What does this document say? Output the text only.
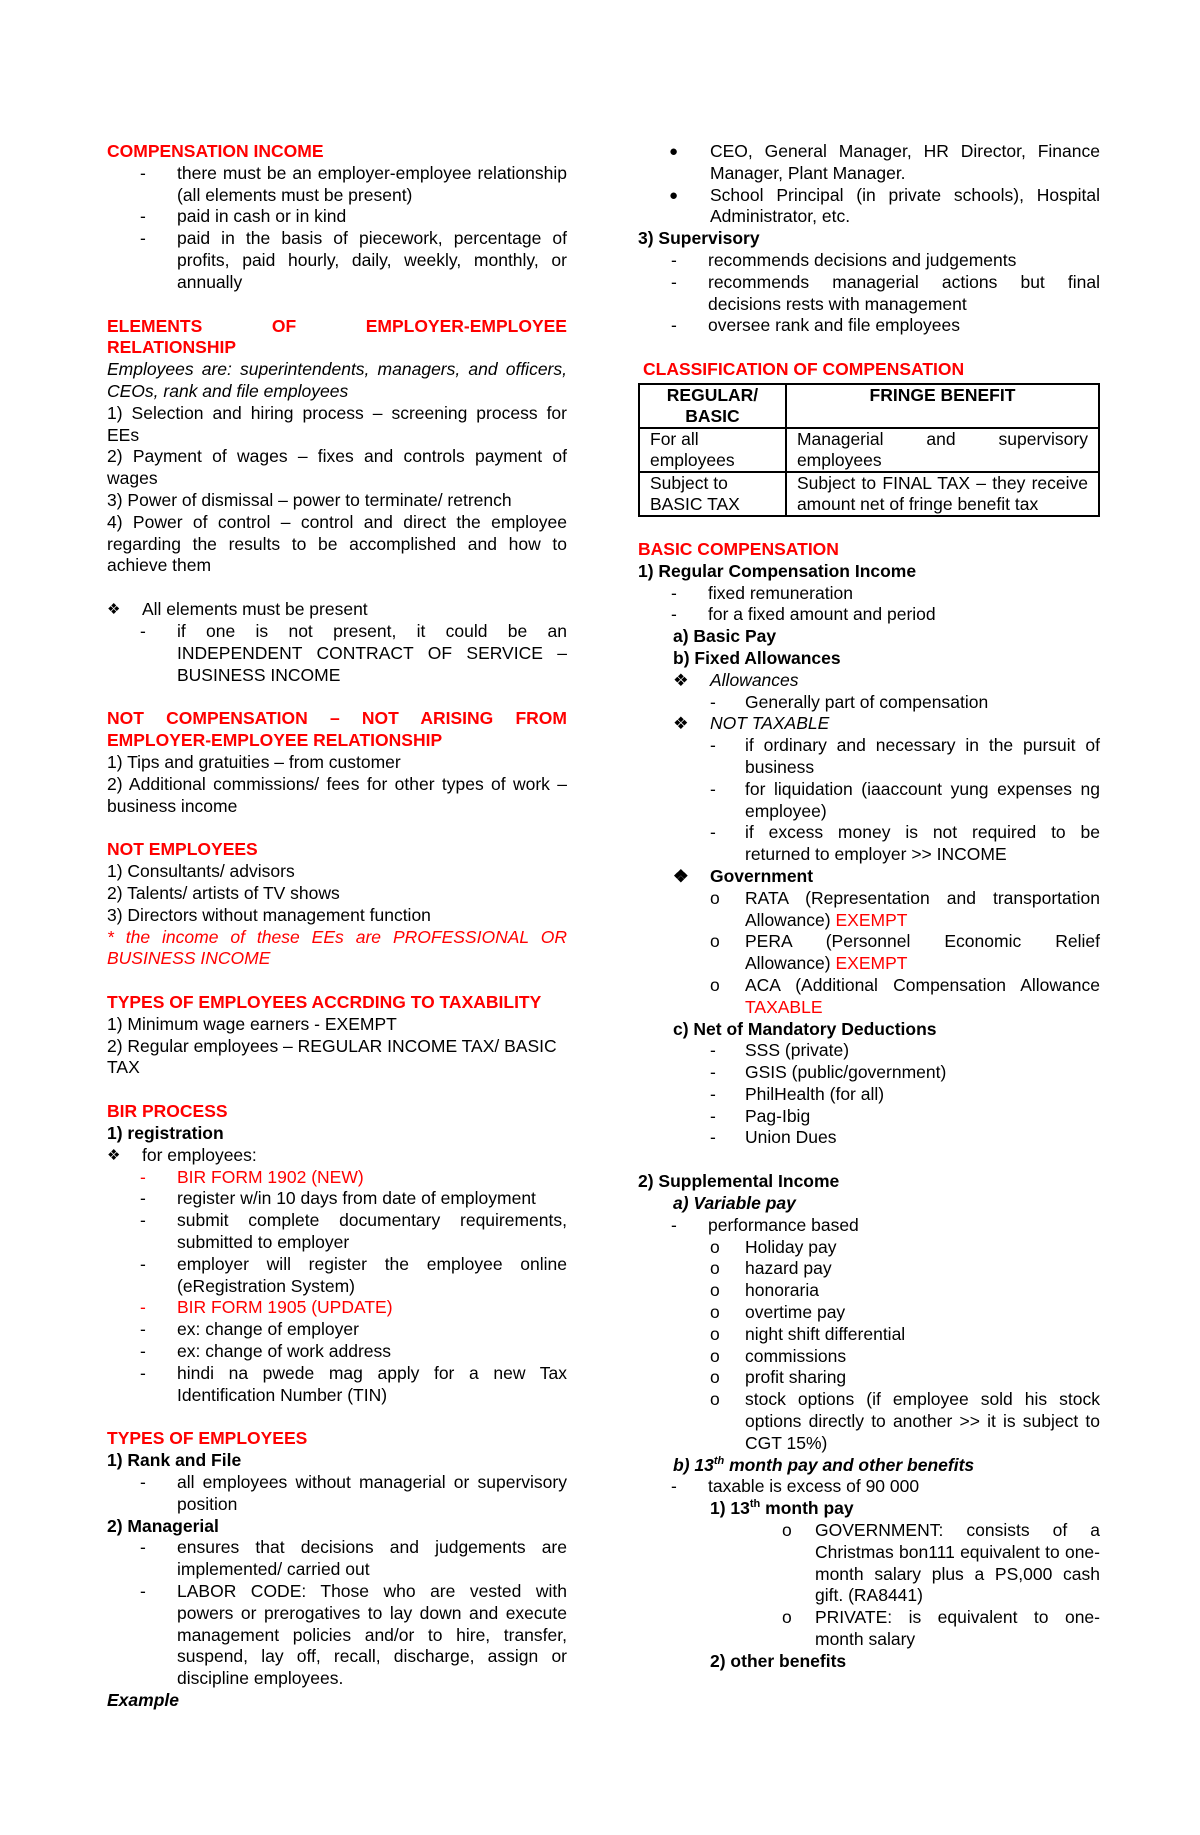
COMPENSATION INCOME
- there must be an employer-employee relationship (all elements must be present)
- paid in cash or in kind
- paid in the basis of piecework, percentage of profits, paid hourly, daily, weekly, monthly, or annually
ELEMENTS	OF	EMPLOYER-EMPLOYEE
RELATIONSHIP
Employees are: superintendents, managers, and officers, CEOs, rank and file employees
1) Selection and hiring process – screening process for EEs
2) Payment of wages – fixes and controls payment of wages
3) Power of dismissal – power to terminate/ retrench
4) Power of control – control and direct the employee regarding the results to be accomplished and how to achieve them
❖ All elements must be present
- if one is not present, it could be an INDEPENDENT CONTRACT OF SERVICE – BUSINESS INCOME
NOT COMPENSATION – NOT ARISING FROM EMPLOYER-EMPLOYEE RELATIONSHIP
1) Tips and gratuities – from customer
2) Additional commissions/ fees for other types of work – business income
NOT EMPLOYEES
1) Consultants/ advisors
2) Talents/ artists of TV shows
3) Directors without management function
* the income of these EEs are PROFESSIONAL OR BUSINESS INCOME
TYPES OF EMPLOYEES ACCRDING TO TAXABILITY
1) Minimum wage earners - EXEMPT
2) Regular employees – REGULAR INCOME TAX/ BASIC TAX
BIR PROCESS
1) registration
❖ for employees:
- BIR FORM 1902 (NEW)
- register w/in 10 days from date of employment
- submit complete documentary requirements, submitted to employer
- employer will register the employee online (eRegistration System)
- BIR FORM 1905 (UPDATE)
- ex: change of employer
- ex: change of work address
- hindi na pwede mag apply for a new Tax Identification Number (TIN)
TYPES OF EMPLOYEES
1) Rank and File
- all employees without managerial or supervisory position
2) Managerial
- ensures that decisions and judgements are implemented/ carried out
- LABOR CODE: Those who are vested with powers or prerogatives to lay down and execute management policies and/or to hire, transfer, suspend, lay off, recall, discharge, assign or discipline employees.
Example
● CEO, General Manager, HR Director, Finance Manager, Plant Manager.
● School Principal (in private schools), Hospital Administrator, etc.
3) Supervisory
- recommends decisions and judgements
- recommends managerial actions but final decisions rests with management
- oversee rank and file employees
CLASSIFICATION OF COMPENSATION
REGULAR/ BASIC	FRINGE BENEFIT
For all employees	Managerial and supervisory employees
Subject to BASIC TAX	Subject to FINAL TAX – they receive amount net of fringe benefit tax
BASIC COMPENSATION
1) Regular Compensation Income
- fixed remuneration
- for a fixed amount and period
a) Basic Pay
b) Fixed Allowances
❖ Allowances
- Generally part of compensation
❖ NOT TAXABLE
- if ordinary and necessary in the pursuit of business
- for liquidation (iaaccount yung expenses ng employee)
- if excess money is not required to be returned to employer >> INCOME
❖ Government
o RATA (Representation and transportation Allowance) EXEMPT
o PERA (Personnel Economic Relief Allowance) EXEMPT
o ACA (Additional Compensation Allowance TAXABLE
c) Net of Mandatory Deductions
- SSS (private)
- GSIS (public/government)
- PhilHealth (for all)
- Pag-Ibig
- Union Dues
2) Supplemental Income
a) Variable pay
- performance based
o Holiday pay
o hazard pay
o honoraria
o overtime pay
o night shift differential
o commissions
o profit sharing
o stock options (if employee sold his stock options directly to another >> it is subject to CGT 15%)
b) 13th month pay and other benefits
- taxable is excess of 90 000
1) 13th month pay
o GOVERNMENT: consists of a Christmas bon111 equivalent to one-month salary plus a PS,000 cash gift. (RA8441)
o PRIVATE: is equivalent to one-month salary
2) other benefits
